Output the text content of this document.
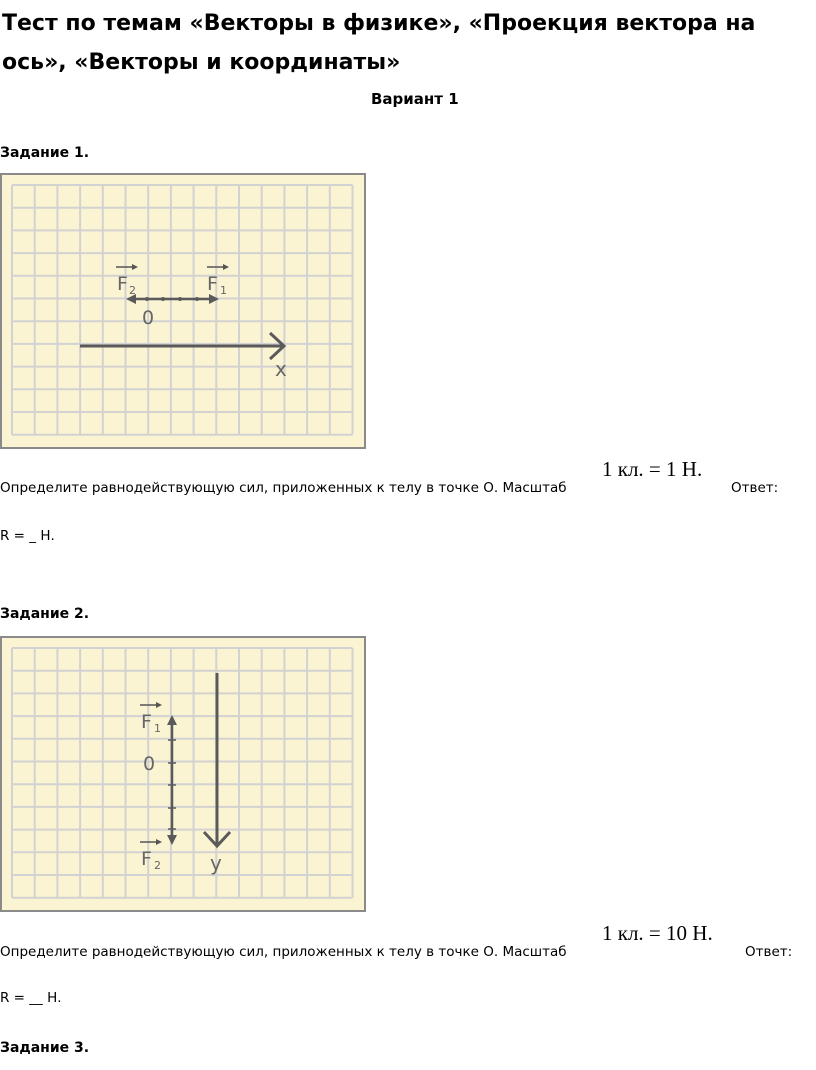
Тест по темам «Векторы в физике», «Проекция вектора на ось», «Векторы и координаты»
Вариант 1
Задание 1.
F 2	F 1
0
x
Определите равнодействующую сил, приложенных к телу в точке О. Масштаб
1 кл. = 1 Н.
Ответ:
R = _ Н.
Задание 2.
F 1
0
F 2 y
Определите равнодействующую сил, приложенных к телу в точке О. Масштаб
1 кл. = 10 Н.
Ответ:
R = __ Н.
Задание 3.
